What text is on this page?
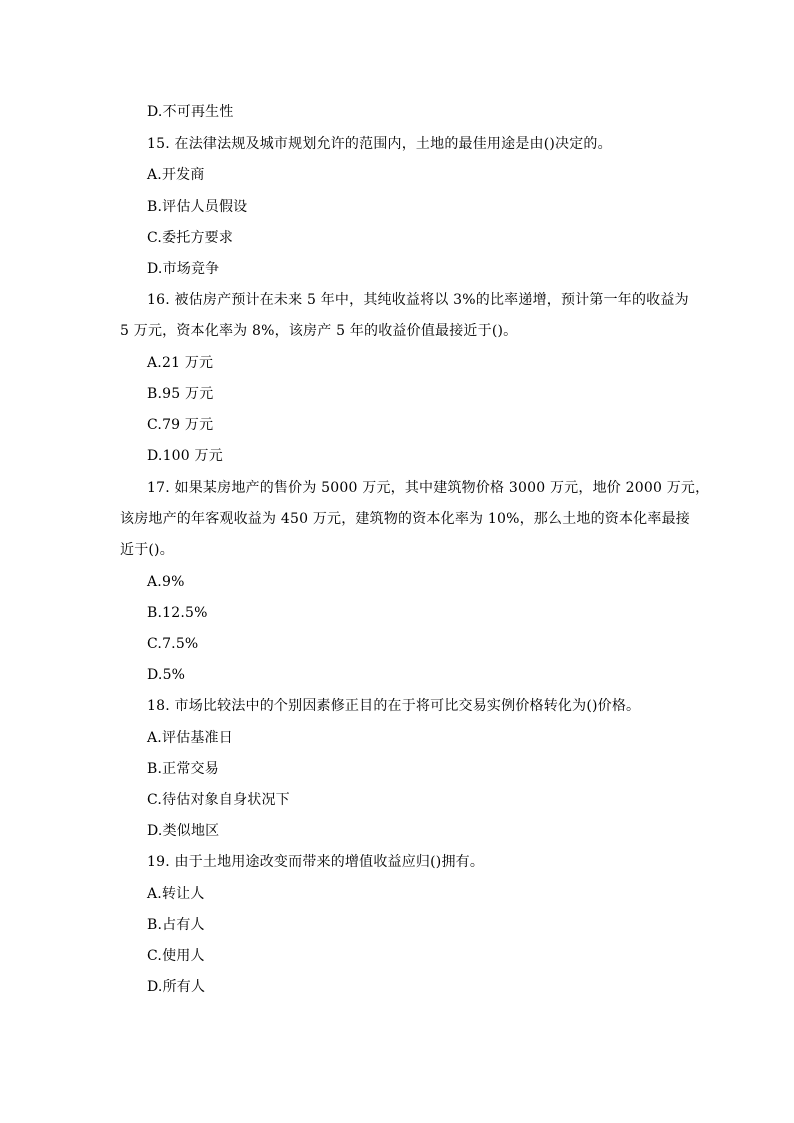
D.不可再生性
15. 在法律法规及城市规划允许的范围内，土地的最佳用途是由()决定的。
A.开发商
B.评估人员假设
C.委托方要求
D.市场竞争
16. 被估房产预计在未来 5 年中，其纯收益将以 3%的比率递增，预计第一年的收益为
5 万元，资本化率为 8%，该房产 5 年的收益价值最接近于()。
A.21 万元
B.95 万元
C.79 万元
D.100 万元
17. 如果某房地产的售价为 5000 万元，其中建筑物价格 3000 万元，地价 2000 万元，
该房地产的年客观收益为 450 万元，建筑物的资本化率为 10%，那么土地的资本化率最接
近于()。
A.9%
B.12.5%
C.7.5%
D.5%
18. 市场比较法中的个别因素修正目的在于将可比交易实例价格转化为()价格。
A.评估基准日
B.正常交易
C.待估对象自身状况下
D.类似地区
19. 由于土地用途改变而带来的增值收益应归()拥有。
A.转让人
B.占有人
C.使用人
D.所有人
